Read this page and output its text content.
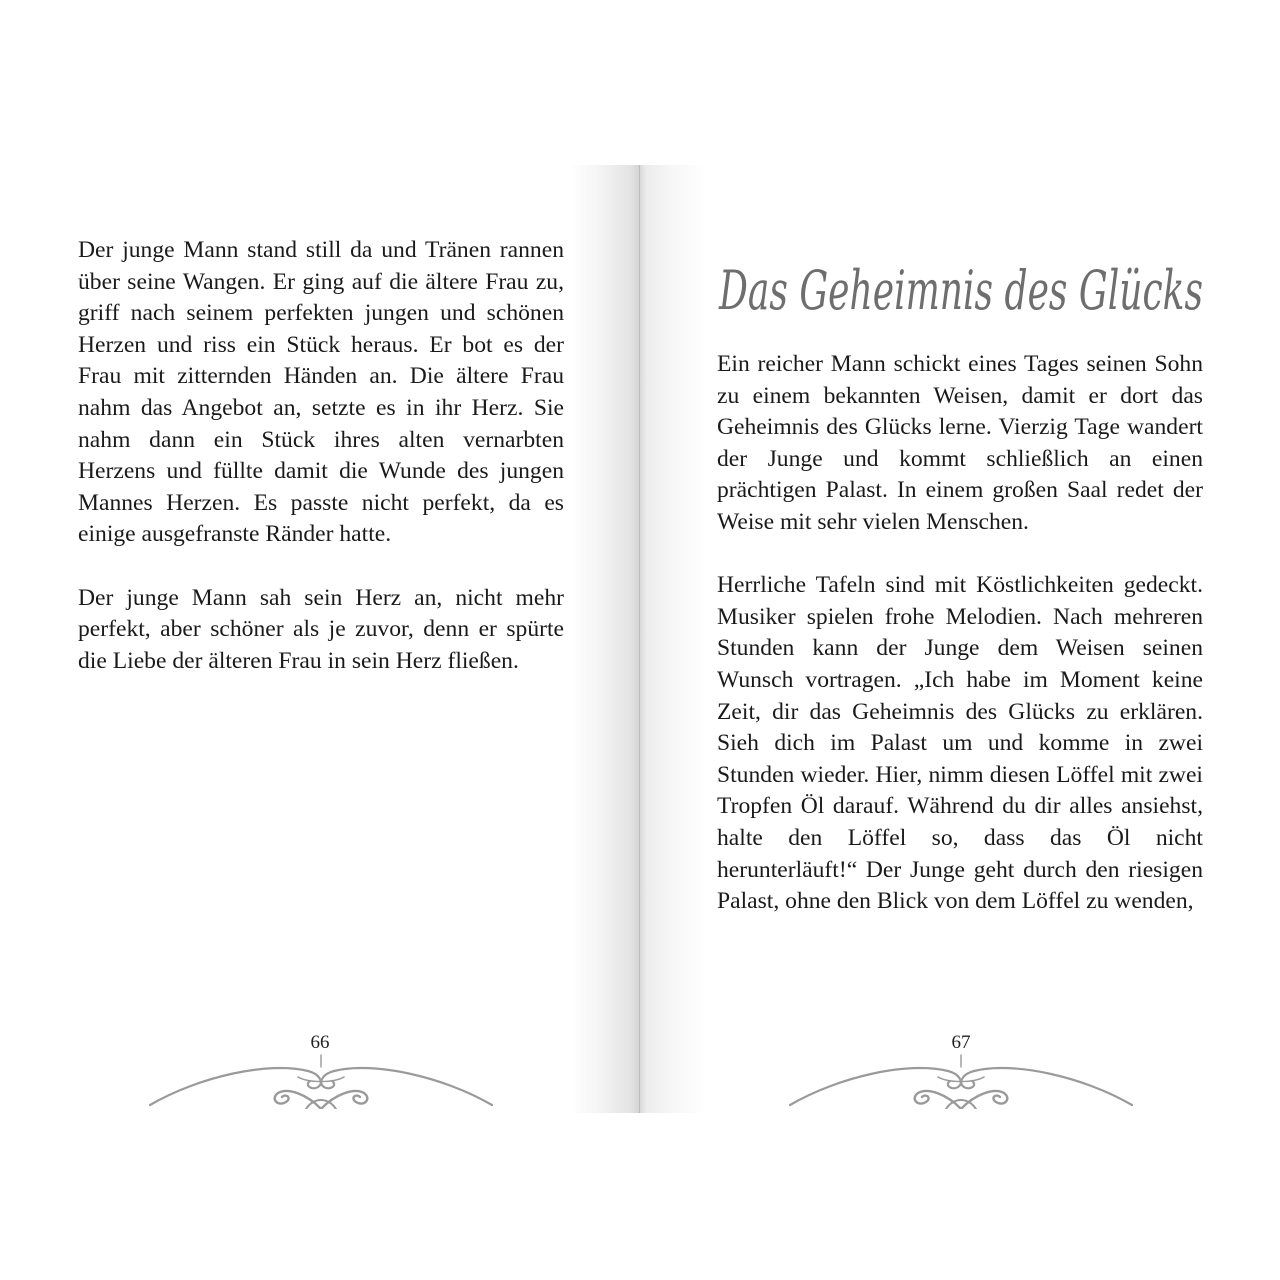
Der junge Mann stand still da und Tränen rannen über seine Wangen. Er ging auf die ältere Frau zu, griff nach seinem perfekten jungen und schönen Herzen und riss ein Stück heraus. Er bot es der Frau mit zitternden Händen an. Die ältere Frau nahm das Angebot an, setzte es in ihr Herz. Sie nahm dann ein Stück ihres alten vernarbten Herzens und füllte damit die Wunde des jungen Mannes Herzen. Es passte nicht perfekt, da es einige ausgefranste Ränder hatte.

Der junge Mann sah sein Herz an, nicht mehr perfekt, aber schöner als je zuvor, denn er spürte die Liebe der älteren Frau in sein Herz fließen.

66
Das Geheimnis des Glücks

Ein reicher Mann schickt eines Tages seinen Sohn zu einem bekannten Weisen, damit er dort das Geheimnis des Glücks lerne. Vierzig Tage wandert der Junge und kommt schließlich an einen prächtigen Palast. In einem großen Saal redet der Weise mit sehr vielen Menschen.

Herrliche Tafeln sind mit Köstlichkeiten gedeckt. Musiker spielen frohe Melodien. Nach mehreren Stunden kann der Junge dem Weisen seinen Wunsch vortragen. „Ich habe im Moment keine Zeit, dir das Geheimnis des Glücks zu erklären. Sieh dich im Palast um und komme in zwei Stunden wieder. Hier, nimm diesen Löffel mit zwei Tropfen Öl darauf. Während du dir alles ansiehst, halte den Löffel so, dass das Öl nicht herunterläuft!“ Der Junge geht durch den riesigen Palast, ohne den Blick von dem Löffel zu wenden,

67
